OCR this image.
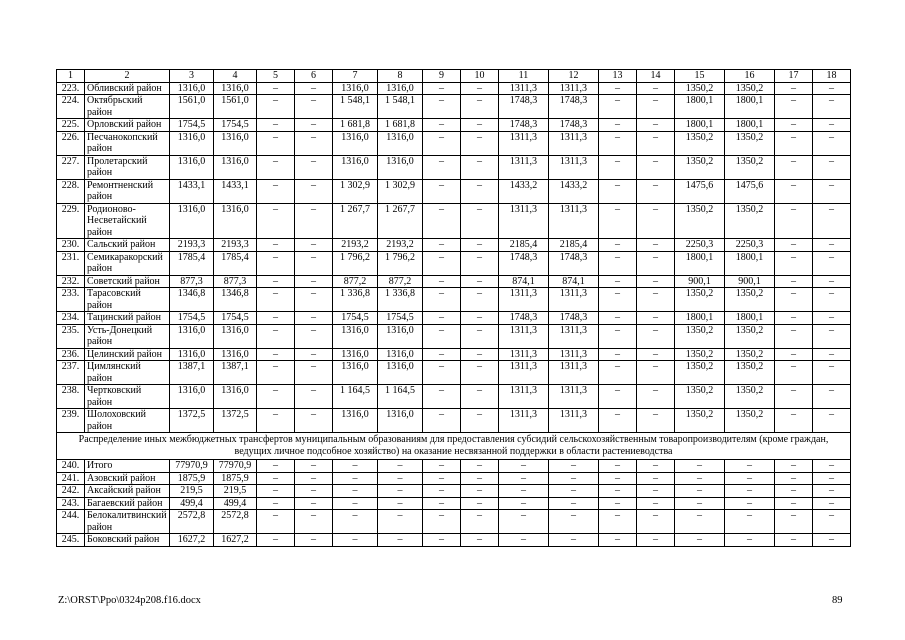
1	2	3	4	5	6	7	8	9	10	11	12	13	14	15	16	17	18
223.	Обливский район	1316,0	1316,0	–	–	1316,0	1316,0	–	–	1311,3	1311,3	–	–	1350,2	1350,2	–	–
224.	Октябрьский район	1561,0	1561,0	–	–	1 548,1	1 548,1	–	–	1748,3	1748,3	–	–	1800,1	1800,1	–	–
225.	Орловский район	1754,5	1754,5	–	–	1 681,8	1 681,8	–	–	1748,3	1748,3	–	–	1800,1	1800,1	–	–
226.	Песчанокопский район	1316,0	1316,0	–	–	1316,0	1316,0	–	–	1311,3	1311,3	–	–	1350,2	1350,2	–	–
227.	Пролетарский район	1316,0	1316,0	–	–	1316,0	1316,0	–	–	1311,3	1311,3	–	–	1350,2	1350,2	–	–
228.	Ремонтненский район	1433,1	1433,1	–	–	1 302,9	1 302,9	–	–	1433,2	1433,2	–	–	1475,6	1475,6	–	–
229.	Родионово-Несветайский район	1316,0	1316,0	–	–	1 267,7	1 267,7	–	–	1311,3	1311,3	–	–	1350,2	1350,2	–	–
230.	Сальский район	2193,3	2193,3	–	–	2193,2	2193,2	–	–	2185,4	2185,4	–	–	2250,3	2250,3	–	–
231.	Семикаракорский район	1785,4	1785,4	–	–	1 796,2	1 796,2	–	–	1748,3	1748,3	–	–	1800,1	1800,1	–	–
232.	Советский район	877,3	877,3	–	–	877,2	877,2	–	–	874,1	874,1	–	–	900,1	900,1	–	–
233.	Тарасовский район	1346,8	1346,8	–	–	1 336,8	1 336,8	–	–	1311,3	1311,3	–	–	1350,2	1350,2	–	–
234.	Тацинский район	1754,5	1754,5	–	–	1754,5	1754,5	–	–	1748,3	1748,3	–	–	1800,1	1800,1	–	–
235.	Усть-Донецкий район	1316,0	1316,0	–	–	1316,0	1316,0	–	–	1311,3	1311,3	–	–	1350,2	1350,2	–	–
236.	Целинский район	1316,0	1316,0	–	–	1316,0	1316,0	–	–	1311,3	1311,3	–	–	1350,2	1350,2	–	–
237.	Цимлянский район	1387,1	1387,1	–	–	1316,0	1316,0	–	–	1311,3	1311,3	–	–	1350,2	1350,2	–	–
238.	Чертковский район	1316,0	1316,0	–	–	1 164,5	1 164,5	–	–	1311,3	1311,3	–	–	1350,2	1350,2	–	–
239.	Шолоховский район	1372,5	1372,5	–	–	1316,0	1316,0	–	–	1311,3	1311,3	–	–	1350,2	1350,2	–	–
Распределение иных межбюджетных трансфертов муниципальным образованиям для предоставления субсидий сельскохозяйственным товаропроизводителям (кроме граждан, ведущих личное подсобное хозяйство) на оказание несвязанной поддержки в области растениеводства																	
240.	Итого	77970,9	77970,9	–	–	–	–	–	–	–	–	–	–	–	–	–	–
241.	Азовский район	1875,9	1875,9	–	–	–	–	–	–	–	–	–	–	–	–	–	–
242.	Аксайский район	219,5	219,5	–	–	–	–	–	–	–	–	–	–	–	–	–	–
243.	Багаевский район	499,4	499,4	–	–	–	–	–	–	–	–	–	–	–	–	–	–
244.	Белокалитвинский район	2572,8	2572,8	–	–	–	–	–	–	–	–	–	–	–	–	–	–
245.	Боковский район	1627,2	1627,2	–	–	–	–	–	–	–	–	–	–	–	–	–	–
Z:\ORST\Ppo\0324p208.f16.docx	89
